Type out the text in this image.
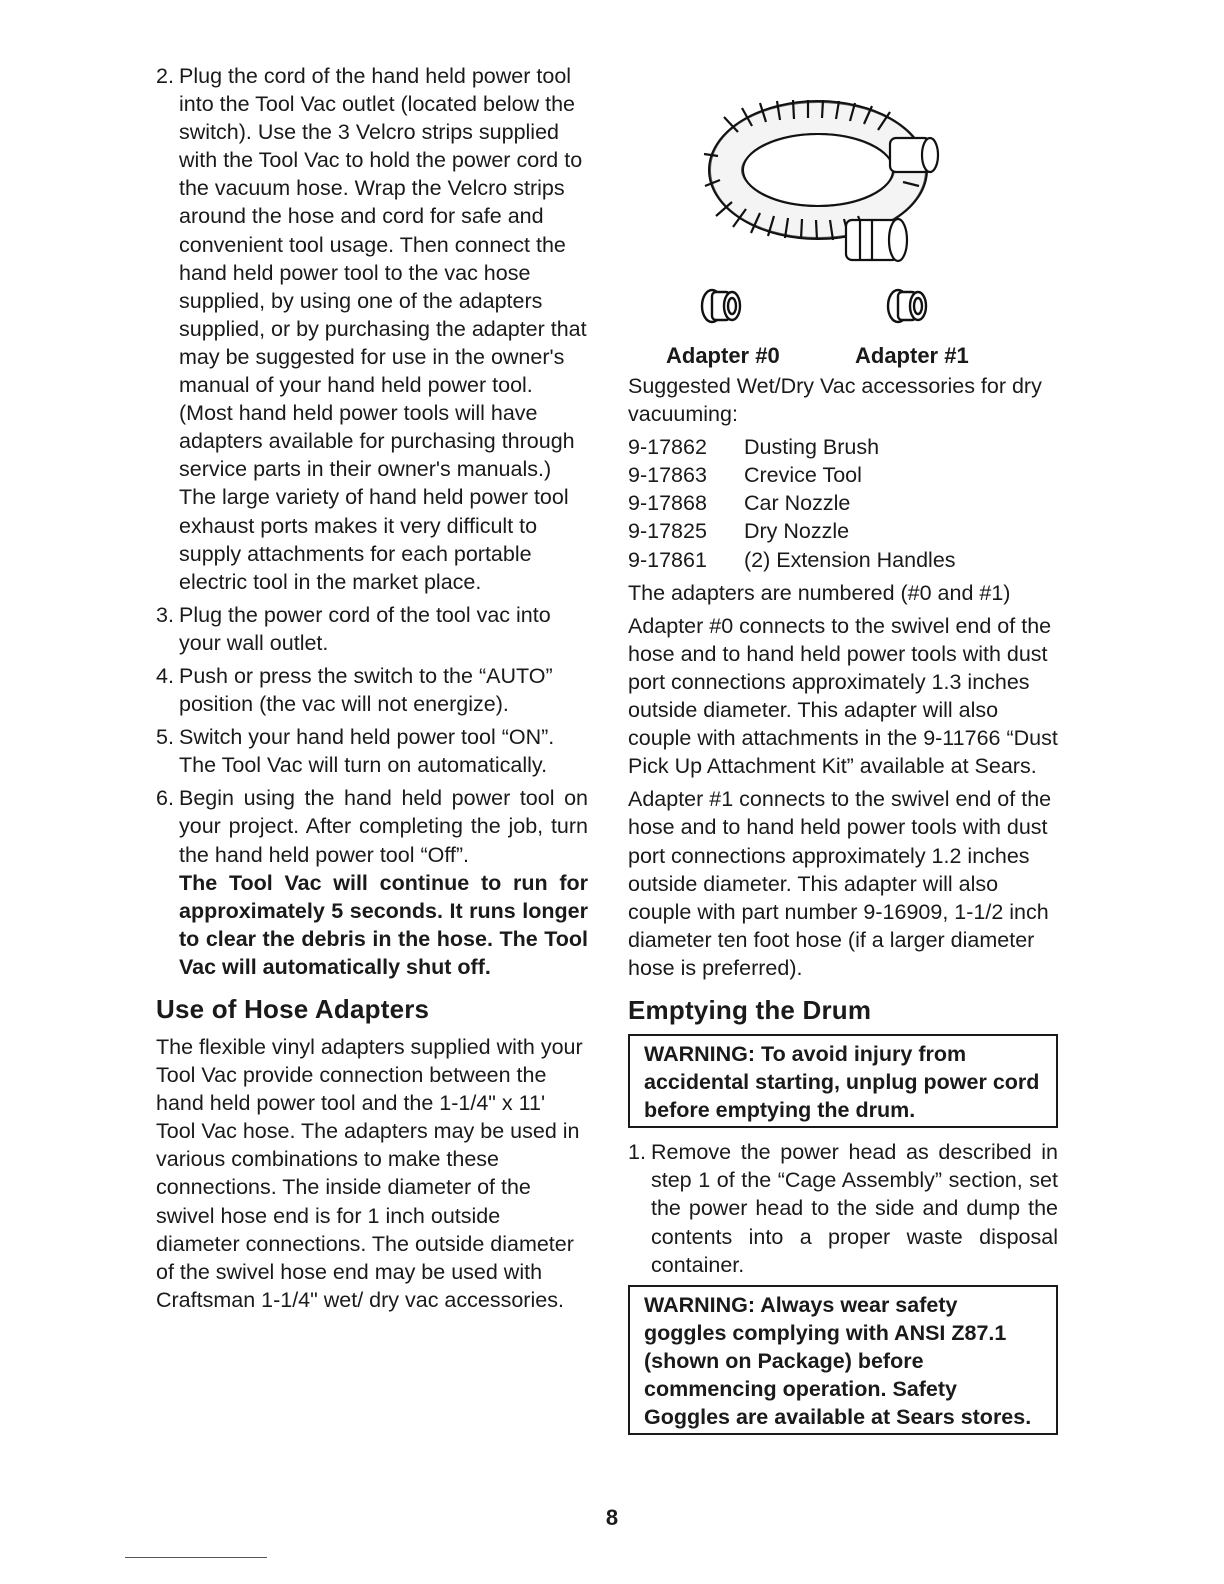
2. Plug the cord of the hand held power tool into the Tool Vac outlet (located below the switch). Use the 3 Velcro strips supplied with the Tool Vac to hold the power cord to the vacuum hose. Wrap the Velcro strips around the hose and cord for safe and convenient tool usage. Then connect the hand held power tool to the vac hose supplied, by using one of the adapters supplied, or by purchasing the adapter that may be suggested for use in the owner's manual of your hand held power tool. (Most hand held power tools will have adapters available for purchasing through service parts in their owner's manuals.) The large variety of hand held power tool exhaust ports makes it very difficult to supply attachments for each portable electric tool in the market place.
3. Plug the power cord of the tool vac into your wall outlet.
4. Push or press the switch to the “AUTO” position (the vac will not energize).
5. Switch your hand held power tool “ON”. The Tool Vac will turn on automatically.
6. Begin using the hand held power tool on your project. After completing the job, turn the hand held power tool “Off”.
The Tool Vac will continue to run for approximately 5 seconds. It runs longer to clear the debris in the hose. The Tool Vac will automatically shut off.
Use of Hose Adapters

The flexible vinyl adapters supplied with your Tool Vac provide connection between the hand held power tool and the 1-1/4" x 11' Tool Vac hose. The adapters may be used in various combinations to make these connections. The inside diameter of the swivel hose end is for 1 inch outside diameter connections. The outside diameter of the swivel hose end may be used with Craftsman 1-1/4" wet/ dry vac accessories.

Adapter #0	Adapter #1

Suggested Wet/Dry Vac accessories for dry vacuuming:

9-17862	Dusting Brush
9-17863	Crevice Tool
9-17868	Car Nozzle
9-17825	Dry Nozzle
9-17861	(2) Extension Handles

The adapters are numbered (#0 and #1)

Adapter #0 connects to the swivel end of the hose and to hand held power tools with dust port connections approximately 1.3 inches outside diameter. This adapter will also couple with attachments in the 9-11766 “Dust Pick Up Attachment Kit” available at Sears.

Adapter #1 connects to the swivel end of the hose and to hand held power tools with dust port connections approximately 1.2 inches outside diameter. This adapter will also couple with part number 9-16909, 1-1/2 inch diameter ten foot hose (if a larger diameter hose is preferred).

Emptying the Drum
WARNING: To avoid injury from accidental starting, unplug power cord before emptying the drum.
1. Remove the power head as described in step 1 of the “Cage Assembly” section, set the power head to the side and dump the contents into a proper waste disposal container.
WARNING: Always wear safety goggles complying with ANSI Z87.1 (shown on Package) before commencing operation. Safety Goggles are available at Sears stores.
8
